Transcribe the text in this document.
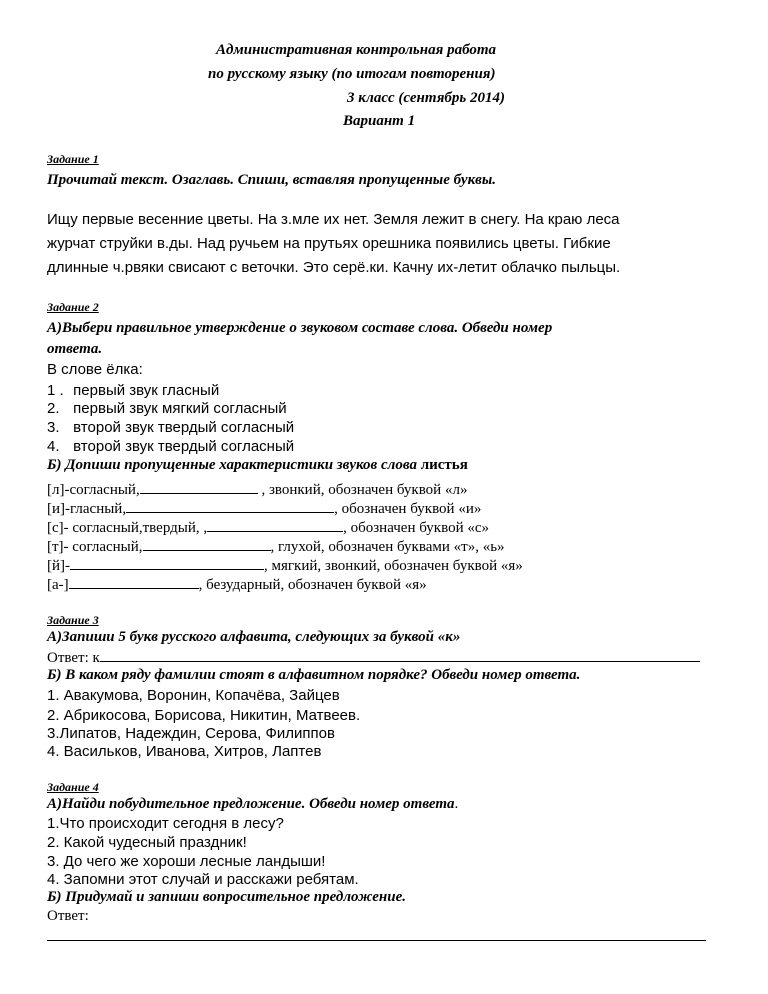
Административная контрольная работа
по русскому языку (по итогам повторения)
3 класс (сентябрь 2014)
Вариант 1
Задание 1
Прочитай текст. Озаглавь. Спиши, вставляя пропущенные буквы.
Ищу первые весенние цветы. На з.мле их нет. Земля лежит в снегу. На краю леса
журчат струйки в.ды. Над ручьем на прутьях орешника появились цветы. Гибкие
длинные ч.рвяки свисают с веточки. Это серё.ки. Качну их-летит облачко пыльцы.
Задание 2
А)Выбери правильное утверждение о звуковом составе слова. Обведи номер
ответа.
В слове ёлка:
1 . первый звук гласный
2. первый звук мягкий согласный
3. второй звук твердый согласный
4. второй звук твердый согласный
Б) Допиши пропущенные характеристики звуков слова листья
[л]-согласный,	, звонкий, обозначен буквой «л»
[и]-гласный,	, обозначен буквой «и»
[с]- согласный,твердый, ,	, обозначен буквой «с»
[т]- согласный,	, глухой, обозначен буквами «т», «ь»
[й]-	, мягкий, звонкий, обозначен буквой «я»
[а-]	, безударный, обозначен буквой «я»
Задание 3
А)Запиши 5 букв русского алфавита, следующих за буквой «к»
Ответ: к
Б) В каком ряду фамилии стоят в алфавитном порядке? Обведи номер ответа.
1. Авакумова, Воронин, Копачёва, Зайцев
2. Абрикосова, Борисова, Никитин, Матвеев.
3.Липатов, Надеждин, Серова, Филиппов
4. Васильков, Иванова, Хитров, Лаптев
Задание 4
А)Найди побудительное предложение. Обведи номер ответа.
1.Что происходит сегодня в лесу?
2. Какой чудесный праздник!
3. До чего же хороши лесные ландыши!
4. Запомни этот случай и расскажи ребятам.
Б) Придумай и запиши вопросительное предложение.
Ответ:
